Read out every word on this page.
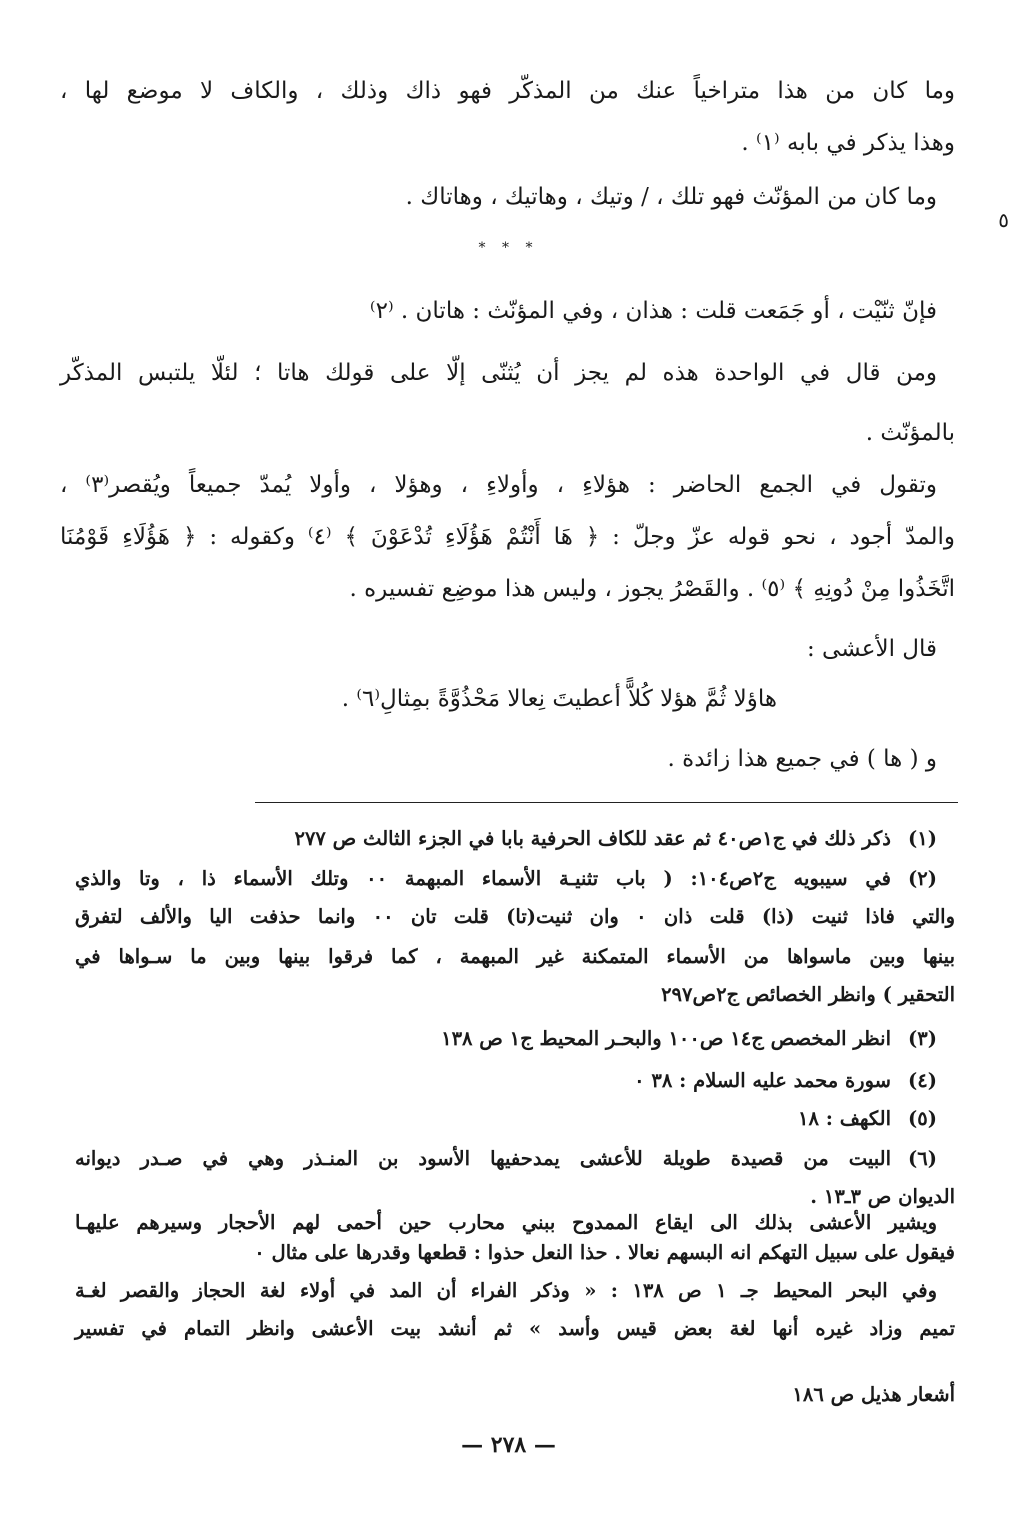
٥
وما كان من هذا متراخياً عنك من المذكّر فهو ذاك وذلك ، والكاف لا موضع لها ،
وهذا يذكر في بابه ⁽١⁾ .
وما كان من المؤنّث فهو تلك ، / وتيك ، وهاتيك ، وهاتاك .
* * *
فإنّ ثنّيْت ، أو جَمَعت قلت : هذان ، وفي المؤنّث : هاتان . ⁽٢⁾
ومن قال في الواحدة هذه لم يجز أن يُثنّى إلّا على قولك هاتا ؛ لئلّا يلتبس المذكّر
بالمؤنّث .
وتقول في الجمع الحاضر : هؤلاءِ ، وأولاءِ ، وهؤلا ، وأولا يُمدّ جميعاً ويُقصر⁽٣⁾ ،
والمدّ أجود ، نحو قوله عزّ وجلّ : ﴿ هَا أَنْتُمْ هَؤُلَاءِ تُدْعَوْنَ ﴾ ⁽٤⁾ وكقوله : ﴿ هَؤُلَاءِ قَوْمُنَا
اتَّخَذُوا مِنْ دُونِهِ ﴾ ⁽٥⁾ . والقَصْرُ يجوز ، وليس هذا موضِع تفسيره .
قال الأعشى :
هاؤلا ثُمَّ هؤلا كُلاًّ أعطيتَ نِعالا مَحْذُوَّةً بمِثالِ⁽٦⁾ .
و ( ها ) في جميع هذا زائدة .
(١)ذكر ذلك في ج١ص٤٠ ثم عقد للكاف الحرفية بابا في الجزء الثالث ص ٢٧٧
(٢)في سيبويه ج٢ص١٠٤: ( باب تثنيـة الأسماء المبهمة ٠٠ وتلك الأسماء ذا ، وتا والذي
والتي فاذا ثنيت (ذا) قلت ذان ٠ وان ثنيت(تا) قلت تان ٠٠ وانما حذفت اليا والألف لتفرق
بينها وبين ماسواها من الأسماء المتمكنة غير المبهمة ، كما فرقوا بينها وبين ما سـواها في
التحقير ) وانظر الخصائص ج٢ص٢٩٧
(٣)انظر المخصص ج١٤ ص١٠٠ والبحـر المحيط ج١ ص ١٣٨
(٤)سورة محمد عليه السلام : ٣٨ ٠
(٥)الكهف : ١٨
(٦)البيت من قصيدة طويلة للأعشى يمدحفيها الأسود بن المنـذر وهي في صـدر ديوانه
الديوان ص ٣ـ١٣ .
ويشير الأعشى بذلك الى ايقاع الممدوح ببني محارب حين أحمى لهم الأحجار وسيرهم عليهـا
فيقول على سبيل التهكم انه البسهم نعالا . حذا النعل حذوا : قطعها وقدرها على مثال ٠
وفي البحر المحيط جـ ١ ص ١٣٨ : « وذكر الفراء أن المد في أولاء لغة الحجاز والقصر لغـة
تميم وزاد غيره أنها لغة بعض قيس وأسد » ثم أنشد بيت الأعشى وانظر التمام في تفسير
أشعار هذيل ص ١٨٦
— ٢٧٨ —
